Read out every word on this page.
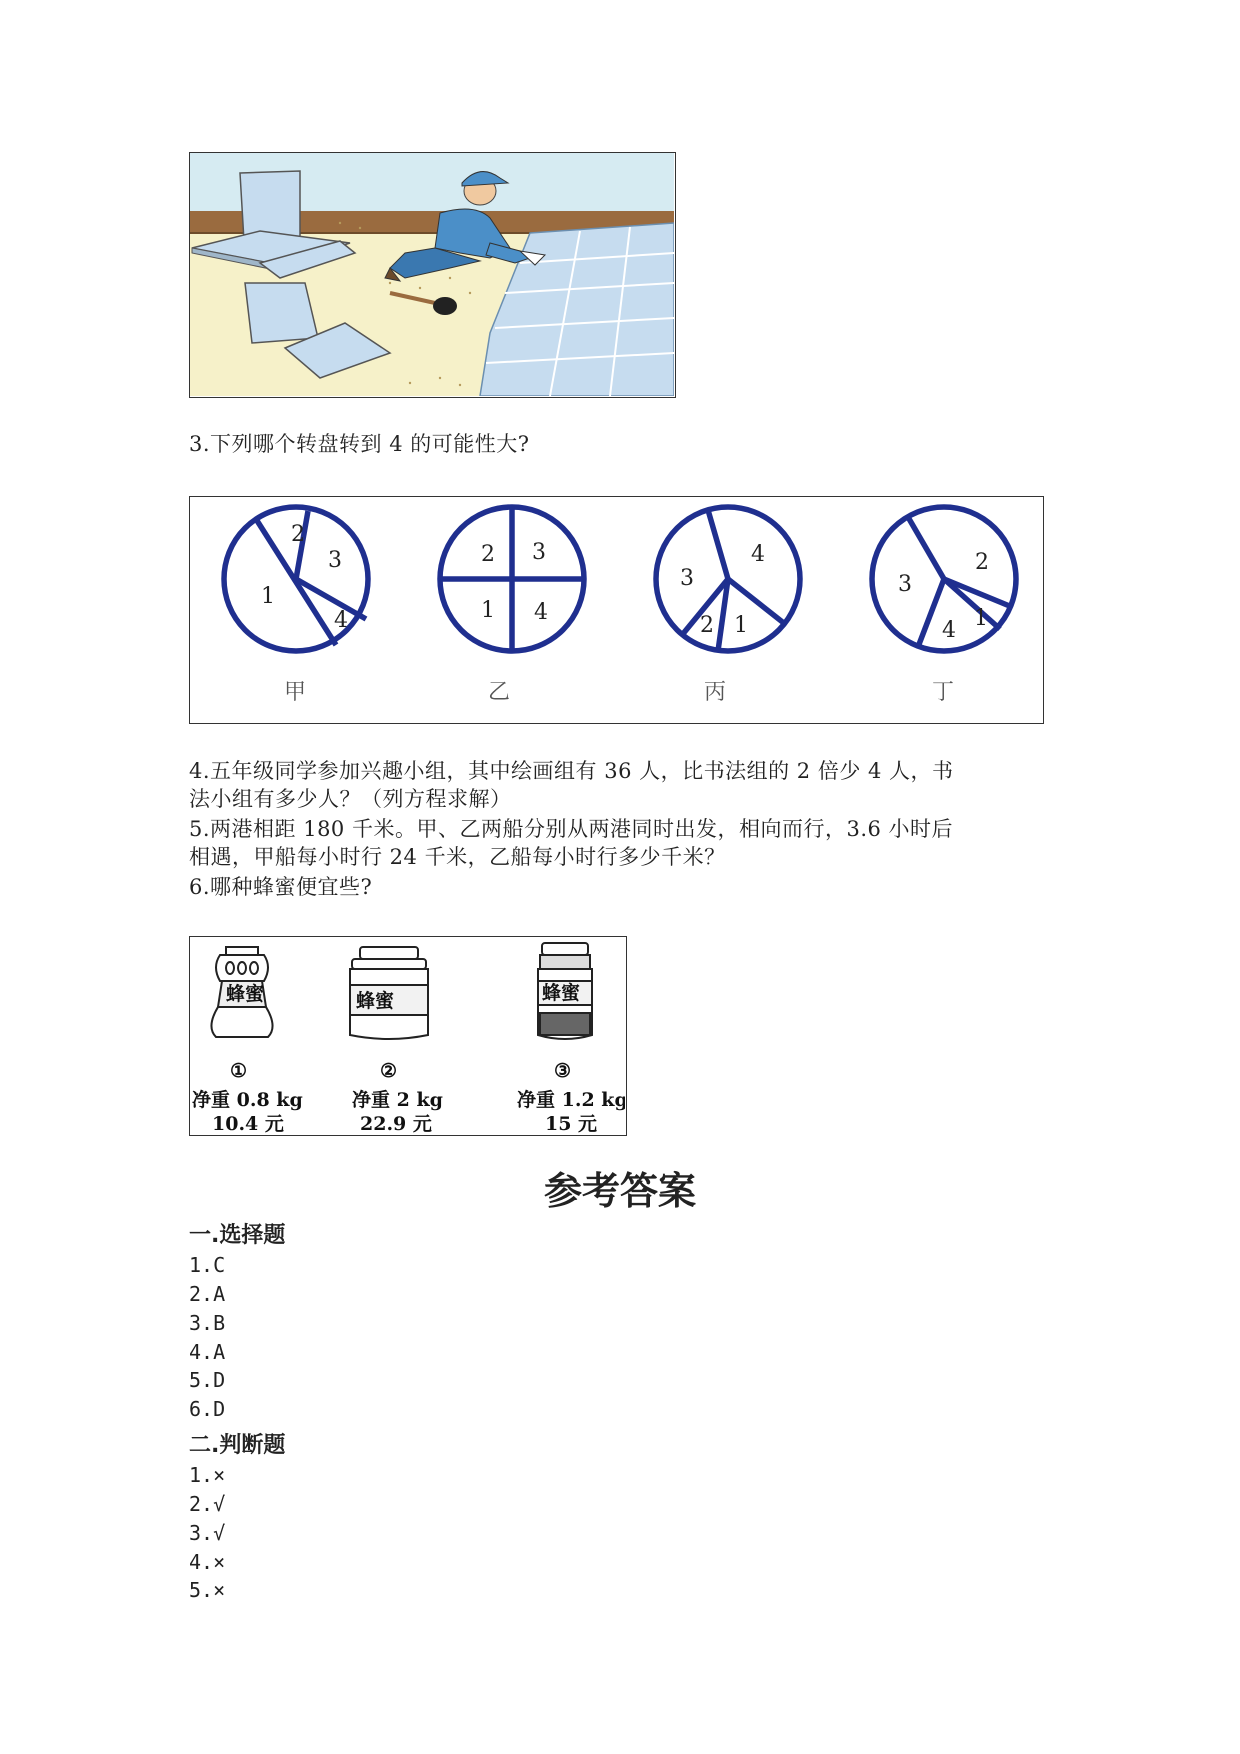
3.下列哪个转盘转到 4 的可能性大?
1
2
3
4
2 3
1 4
3
4
2 1
3
2
4 1
甲	乙	丙	丁
4.五年级同学参加兴趣小组，其中绘画组有 36 人，比书法组的 2 倍少 4 人，书
法小组有多少人？（列方程求解）
5.两港相距 180 千米。甲、乙两船分别从两港同时出发，相向而行，3.6 小时后
相遇，甲船每小时行 24 千米，乙船每小时行多少千米？
6.哪种蜂蜜便宜些?
蜂蜜	蜂蜜	蜂蜜
①
净重 0.8 kg
10.4 元
②
净重 2 kg
22.9 元
③
净重 1.2 kg
15 元
参考答案
一.选择题
1.C
2.A
3.B
4.A
5.D
6.D
二.判断题
1.×
2.√
3.√
4.×
5.×
